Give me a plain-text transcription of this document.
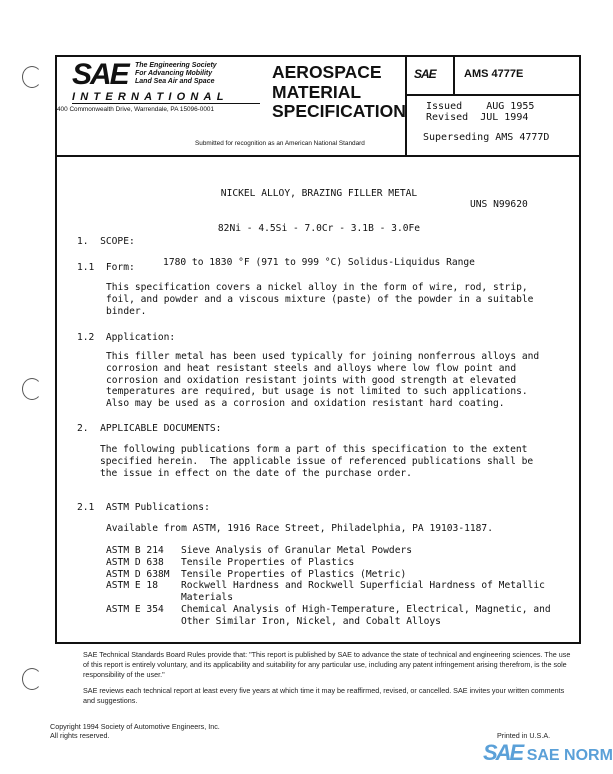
SAE The Engineering Society
For Advancing Mobility
Land Sea Air and Space
INTERNATIONAL
400 Commonwealth Drive, Warrendale, PA 15096-0001
AEROSPACE
MATERIAL
SPECIFICATION
Submitted for recognition as an American National Standard
SAE	AMS 4777E
Issued AUG 1955
Revised JUL 1994
Superseding AMS 4777D

NICKEL ALLOY, BRAZING FILLER METAL

82Ni - 4.5Si - 7.0Cr - 3.1B - 3.0Fe

1780 to 1830 °F (971 to 999 °C) Solidus-Liquidus Range

UNS N99620
1.  SCOPE:
1.1  Form:
This specification covers a nickel alloy in the form of wire, rod, strip,
foil, and powder and a viscous mixture (paste) of the powder in a suitable
binder.
1.2  Application:
This filler metal has been used typically for joining nonferrous alloys and
corrosion and heat resistant steels and alloys where low flow point and
corrosion and oxidation resistant joints with good strength at elevated
temperatures are required, but usage is not limited to such applications.
Also may be used as a corrosion and oxidation resistant hard coating.
2.  APPLICABLE DOCUMENTS:
The following publications form a part of this specification to the extent
specified herein.  The applicable issue of referenced publications shall be
the issue in effect on the date of the purchase order.
2.1  ASTM Publications:
Available from ASTM, 1916 Race Street, Philadelphia, PA 19103-1187.
ASTM B 214	Sieve Analysis of Granular Metal Powders
ASTM D 638	Tensile Properties of Plastics
ASTM D 638M	Tensile Properties of Plastics (Metric)
ASTM E 18	Rockwell Hardness and Rockwell Superficial Hardness of Metallic
Materials
ASTM E 354	Chemical Analysis of High-Temperature, Electrical, Magnetic, and
Other Similar Iron, Nickel, and Cobalt Alloys
SAE Technical Standards Board Rules provide that: "This report is published by SAE to advance the state of technical and engineering sciences. The use of this report is entirely voluntary, and its applicability and suitability for any particular use, including any patent infringement arising therefrom, is the sole responsibility of the user."
SAE reviews each technical report at least every five years at which time it may be reaffirmed, revised, or cancelled. SAE invites your written comments and suggestions.
Copyright 1994 Society of Automotive Engineers, Inc.
All rights reserved.	Printed in U.S.A.
SAE SAE NORM
